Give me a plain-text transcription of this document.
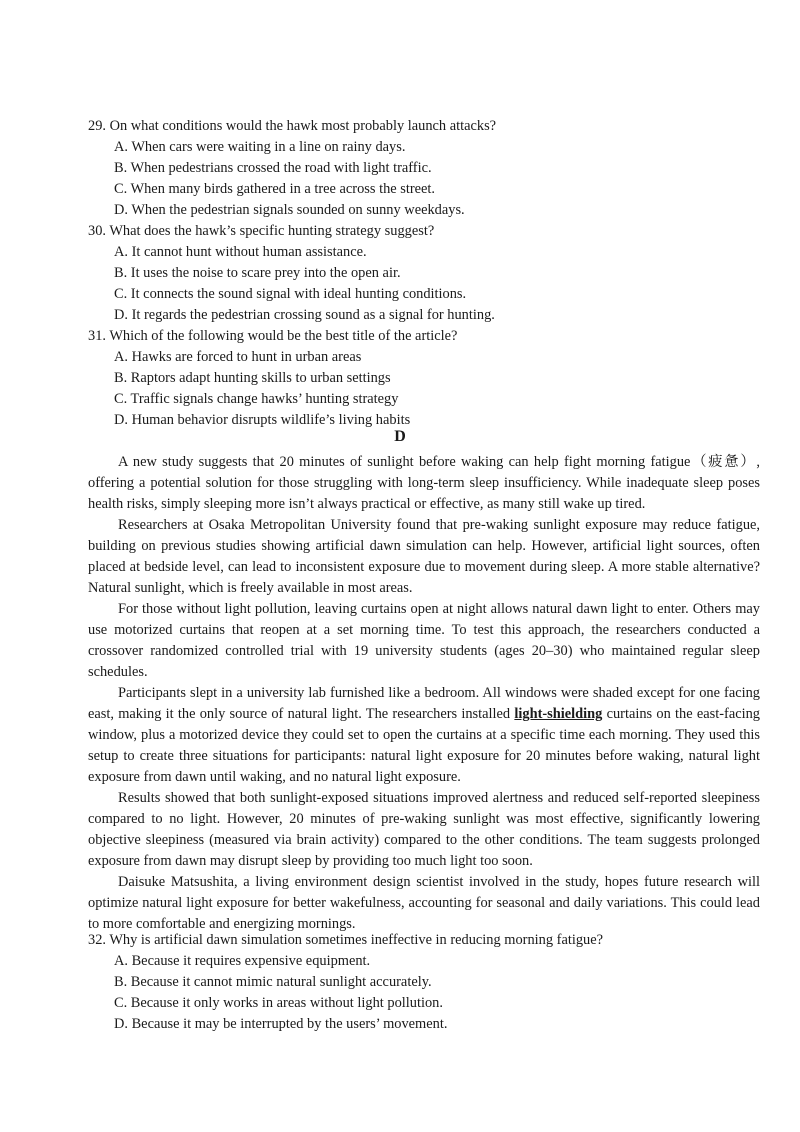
29. On what conditions would the hawk most probably launch attacks?
A. When cars were waiting in a line on rainy days.
B. When pedestrians crossed the road with light traffic.
C. When many birds gathered in a tree across the street.
D. When the pedestrian signals sounded on sunny weekdays.
30. What does the hawk’s specific hunting strategy suggest?
A. It cannot hunt without human assistance.
B. It uses the noise to scare prey into the open air.
C. It connects the sound signal with ideal hunting conditions.
D. It regards the pedestrian crossing sound as a signal for hunting.
31. Which of the following would be the best title of the article?
A. Hawks are forced to hunt in urban areas
B. Raptors adapt hunting skills to urban settings
C. Traffic signals change hawks’ hunting strategy
D. Human behavior disrupts wildlife’s living habits
D

A new study suggests that 20 minutes of sunlight before waking can help fight morning fatigue（疲惫）, offering a potential solution for those struggling with long-term sleep insufficiency. While inadequate sleep poses health risks, simply sleeping more isn’t always practical or effective, as many still wake up tired.

Researchers at Osaka Metropolitan University found that pre-waking sunlight exposure may reduce fatigue, building on previous studies showing artificial dawn simulation can help. However, artificial light sources, often placed at bedside level, can lead to inconsistent exposure due to movement during sleep. A more stable alternative? Natural sunlight, which is freely available in most areas.

For those without light pollution, leaving curtains open at night allows natural dawn light to enter. Others may use motorized curtains that reopen at a set morning time. To test this approach, the researchers conducted a crossover randomized controlled trial with 19 university students (ages 20–30) who maintained regular sleep schedules.

Participants slept in a university lab furnished like a bedroom. All windows were shaded except for one facing east, making it the only source of natural light. The researchers installed light-shielding curtains on the east-facing window, plus a motorized device they could set to open the curtains at a specific time each morning. They used this setup to create three situations for participants: natural light exposure for 20 minutes before waking, natural light exposure from dawn until waking, and no natural light exposure.

Results showed that both sunlight-exposed situations improved alertness and reduced self-reported sleepiness compared to no light. However, 20 minutes of pre-waking sunlight was most effective, significantly lowering objective sleepiness (measured via brain activity) compared to the other conditions. The team suggests prolonged exposure from dawn may disrupt sleep by providing too much light too soon.

Daisuke Matsushita, a living environment design scientist involved in the study, hopes future research will optimize natural light exposure for better wakefulness, accounting for seasonal and daily variations. This could lead to more comfortable and energizing mornings.

32. Why is artificial dawn simulation sometimes ineffective in reducing morning fatigue?
A. Because it requires expensive equipment.
B. Because it cannot mimic natural sunlight accurately.
C. Because it only works in areas without light pollution.
D. Because it may be interrupted by the users’ movement.
